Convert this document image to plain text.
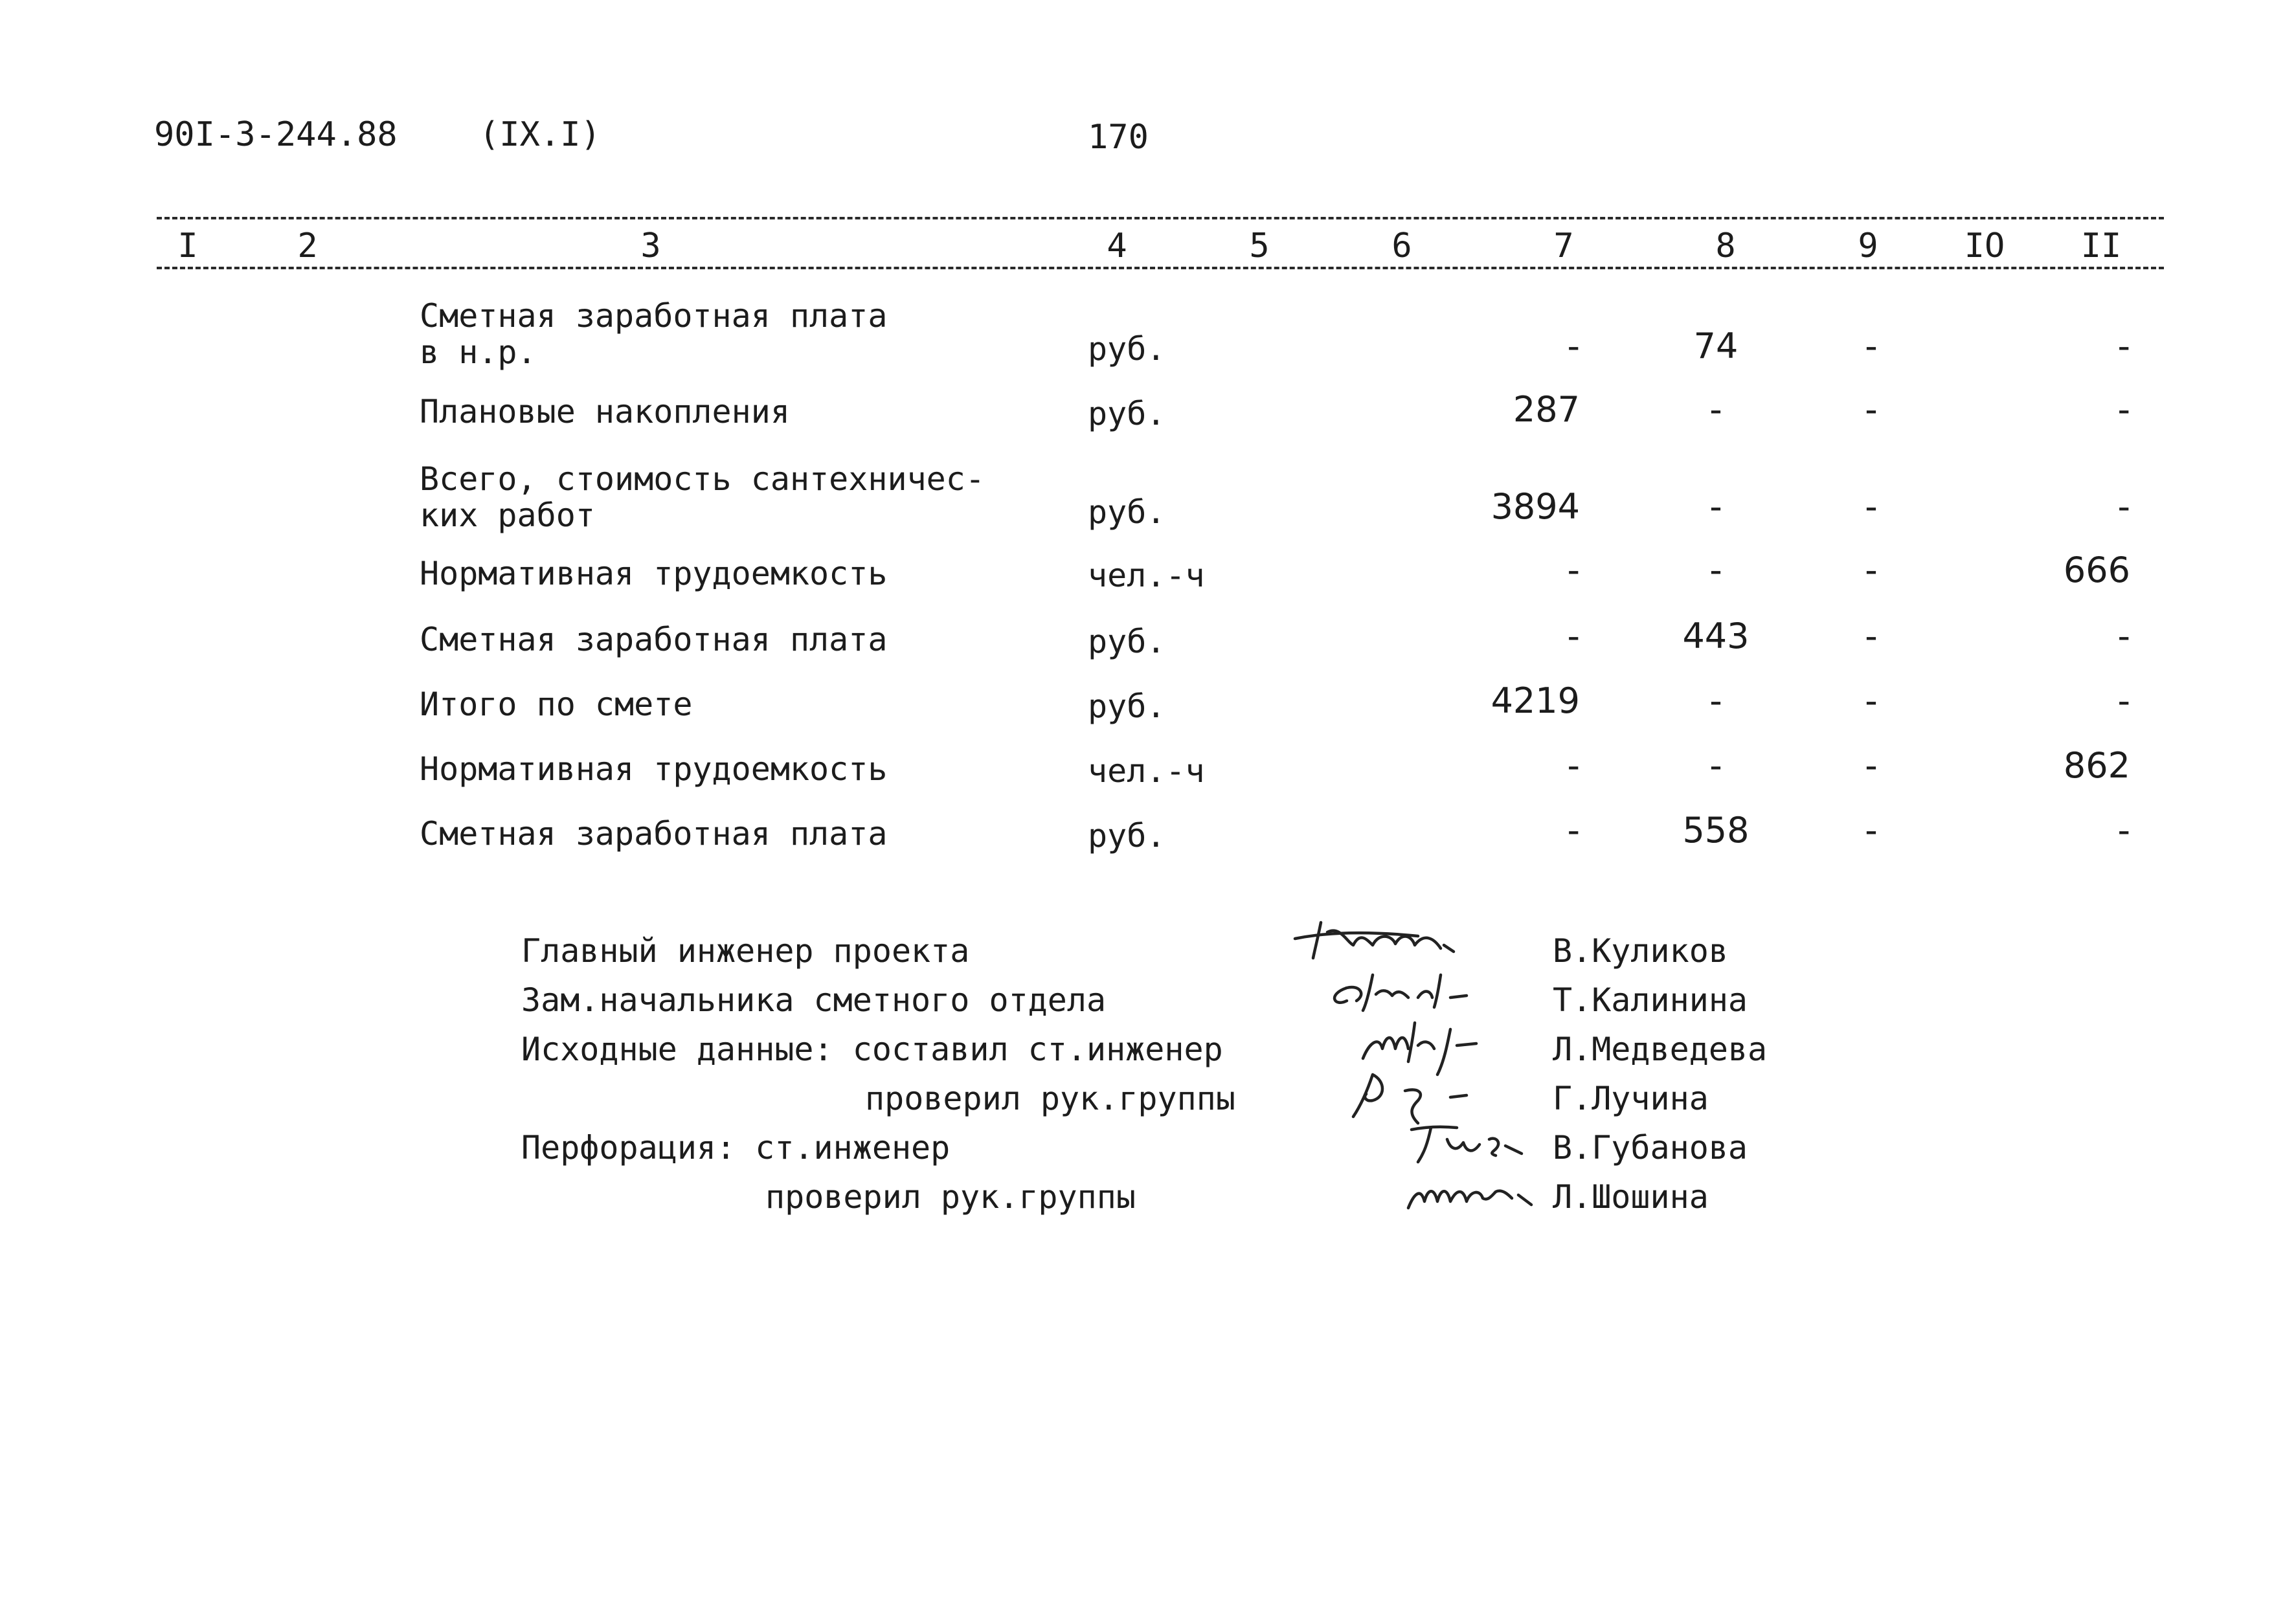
90I-3-244.88 (IX.I)	170
I	2	3	4	5	6	7	8	9	IO II
Сметная заработная плата
в н.р.	руб.	-	74	-	-
Плановые накопления	руб.	287	-	-	-
Всего, стоимость сантехничес-
ких работ	руб.	3894	-	-	-
Нормативная трудоемкость	чел.-ч	-	-	-	666
Сметная заработная плата	руб.	-	443	-	-
Итого по смете	руб.	4219	-	-	-
Нормативная трудоемкость	чел.-ч	-	-	-	862
Сметная заработная плата	руб.	-	558	-	-
Главный инженер проекта	В.Куликов
Зам.начальника сметного отдела	Т.Калинина
Исходные данные: составил ст.инженер	Л.Медведева
проверил рук.группы	Г.Лучина
Перфорация: ст.инженер	В.Губанова
проверил рук.группы	Л.Шошина
